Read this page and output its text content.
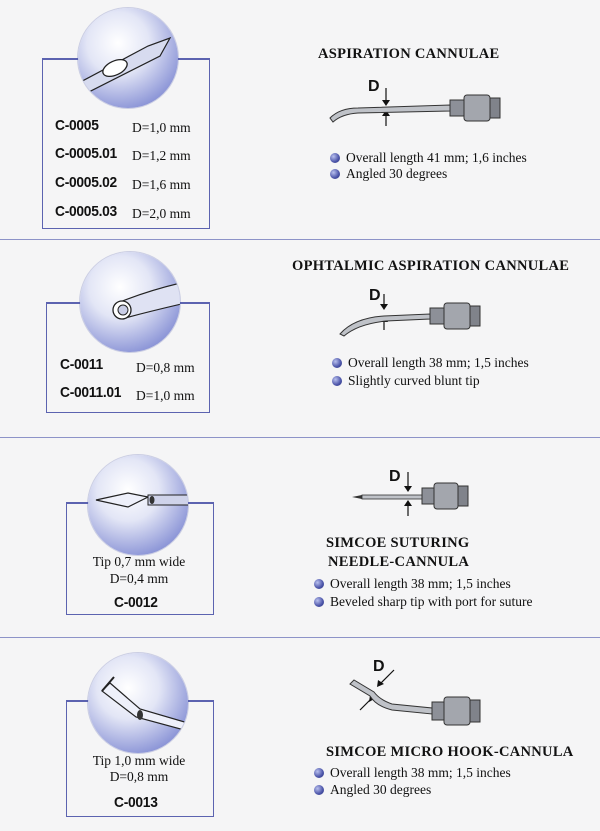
C-0005 D=1,0 mm
C-0005.01 D=1,2 mm
C-0005.02 D=1,6 mm
C-0005.03 D=2,0 mm
ASPIRATION CANNULAE
D
Overall length 41 mm; 1,6 inches
Angled 30 degrees
C-0011 D=0,8 mm
C-0011.01 D=1,0 mm
OPHTALMIC ASPIRATION CANNULAE
D
Overall length 38 mm; 1,5 inches
Slightly curved blunt tip
Tip 0,7 mm wide
D=0,4 mm
C-0012
D
SIMCOE SUTURING
NEEDLE-CANNULA
Overall length 38 mm; 1,5 inches
Beveled sharp tip with port for suture
Tip 1,0 mm wide
D=0,8 mm
C-0013
D
SIMCOE MICRO HOOK-CANNULA
Overall length 38 mm; 1,5 inches
Angled 30 degrees
